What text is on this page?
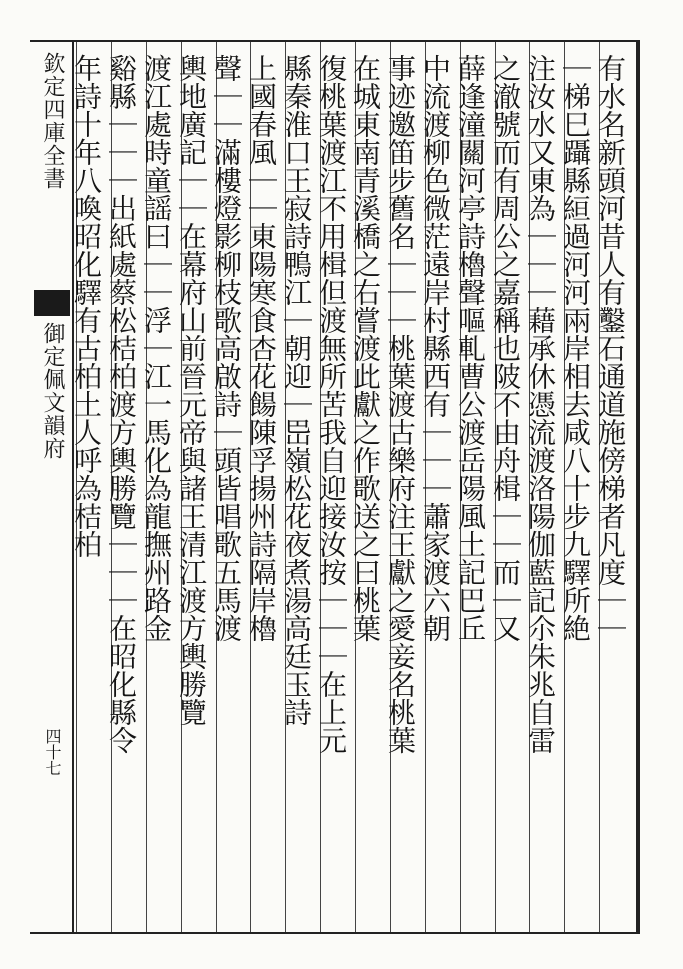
欽定四庫全書
御定佩文韻府
四十七
有水名新頭河昔人有鑿石通道施傍梯者凡度｜｜
｜梯巳躡縣絙過河河兩岸相去咸八十步九驛所絶
注汝水又東為｜｜｜藉承休憑流渡洛陽伽藍記尒朱兆自雷
之澈號而有周公之嘉稱也陂不由舟楫｜｜而｜又
薛逢潼關河亭詩櫓聲嘔軋曹公渡岳陽風土記巴丘
中流渡柳色微茫遠岸村縣西有｜｜｜蕭家渡六朝
事迹邀笛步舊名｜｜｜桃葉渡古樂府注王獻之愛妾名桃葉
在城東南青溪橋之右嘗渡此獻之作歌送之曰桃葉
復桃葉渡江不用楫但渡無所苦我自迎接汝按｜｜｜在上元
縣秦淮口王寂詩鴨江｜朝迎｜岊嶺松花夜煮湯高廷玉詩
上國春風｜｜東陽寒食杏花餳陳孚揚州詩隔岸櫓
聲｜｜滿樓燈影柳枝歌高啟詩｜頭皆唱歌五馬渡
輿地廣記｜｜在幕府山前晉元帝與諸王清江渡方輿勝覽
渡江處時童謡曰｜｜浮｜江一馬化為龍撫州路金
谿縣｜｜｜出紙處蔡松桔柏渡方輿勝覽｜｜｜在昭化縣令
年詩十年八喚昭化驛有古柏土人呼為桔柏
